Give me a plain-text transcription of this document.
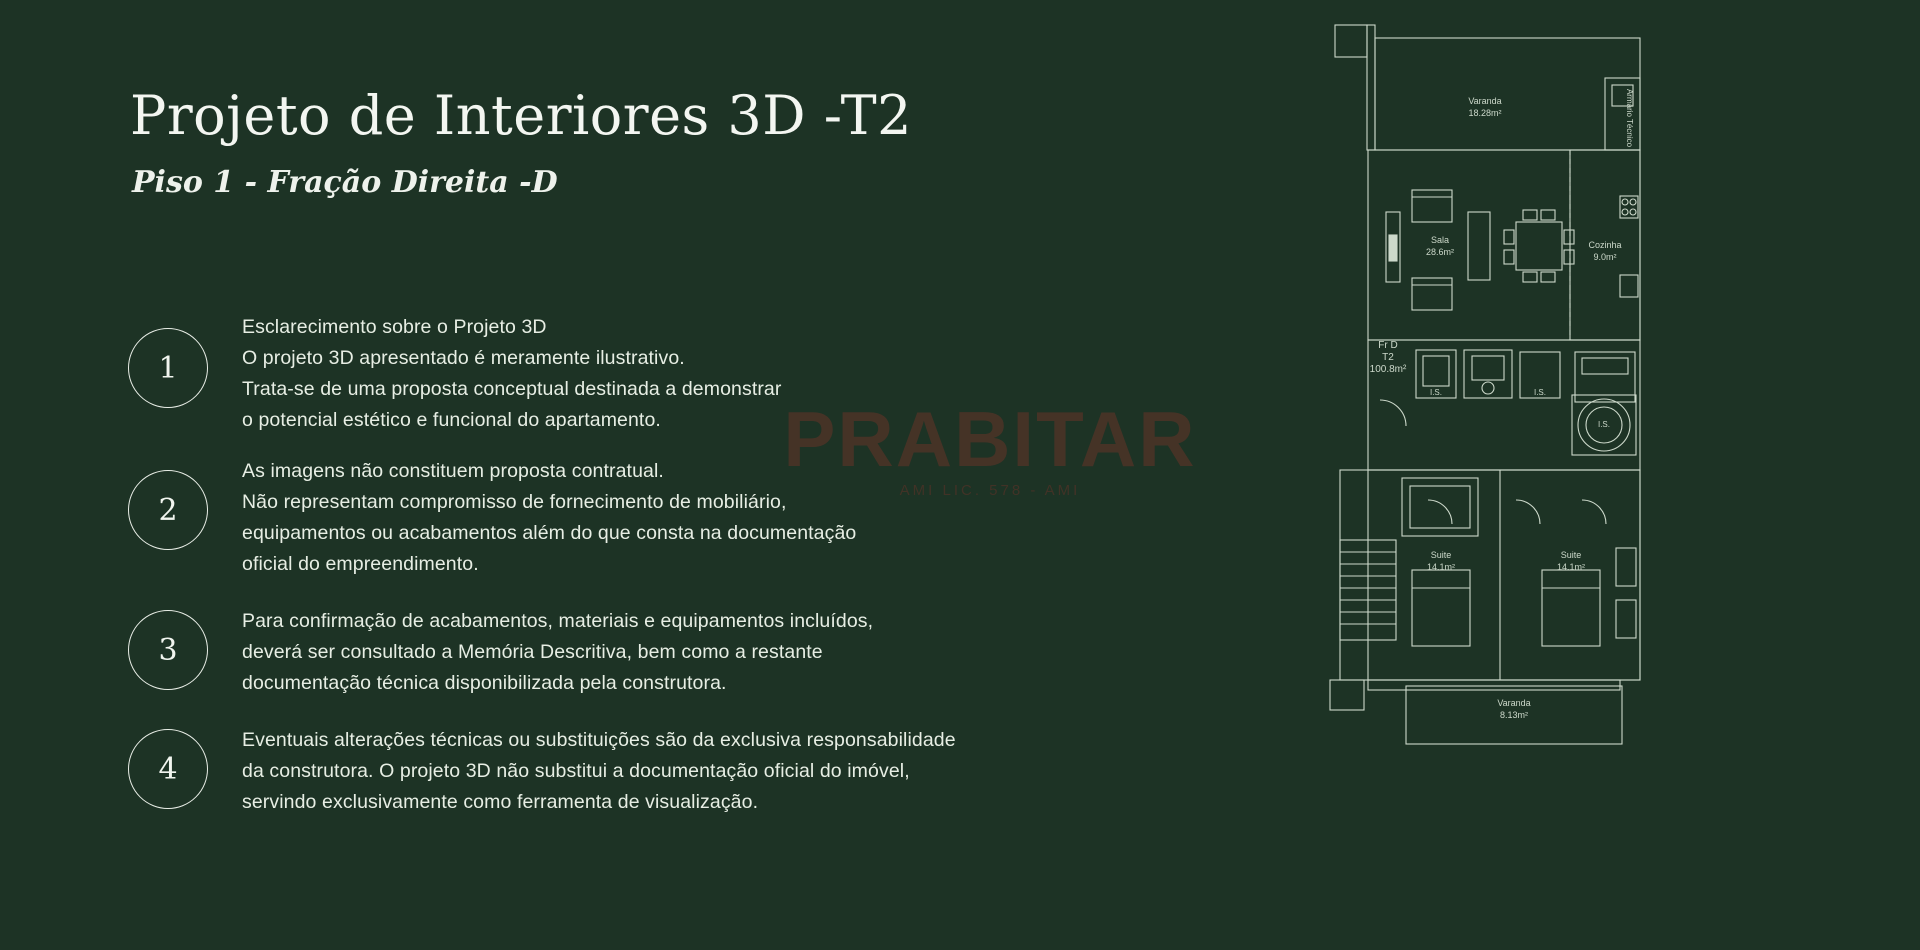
PRABITAR
AMI LIC. 578 - AMI
Projeto de Interiores 3D -T2
Piso 1 - Fração Direita -D
1
Esclarecimento sobre o Projeto 3D
O projeto 3D apresentado é meramente ilustrativo.
Trata-se de uma proposta conceptual destinada a demonstrar
o potencial estético e funcional do apartamento.
2
As imagens não constituem proposta contratual.
Não representam compromisso de fornecimento de mobiliário,
equipamentos ou acabamentos além do que consta na documentação
oficial do empreendimento.
3
Para confirmação de acabamentos, materiais e equipamentos incluídos,
deverá ser consultado a Memória Descritiva, bem como a restante
documentação técnica disponibilizada pela construtora.
4
Eventuais alterações técnicas ou substituições são da exclusiva responsabilidade
da construtora. O projeto 3D não substitui a documentação oficial do imóvel,
servindo exclusivamente como ferramenta de visualização.
Varanda
18.28m²	Armário Técnico
Sala
28.6m²
Cozinha
9.0m²
I.S.	I.S.
I.S.
Suite
14.1m²
Suite
14.1m²
Varanda
8.13m²
Fr D
T2
100.8m²
